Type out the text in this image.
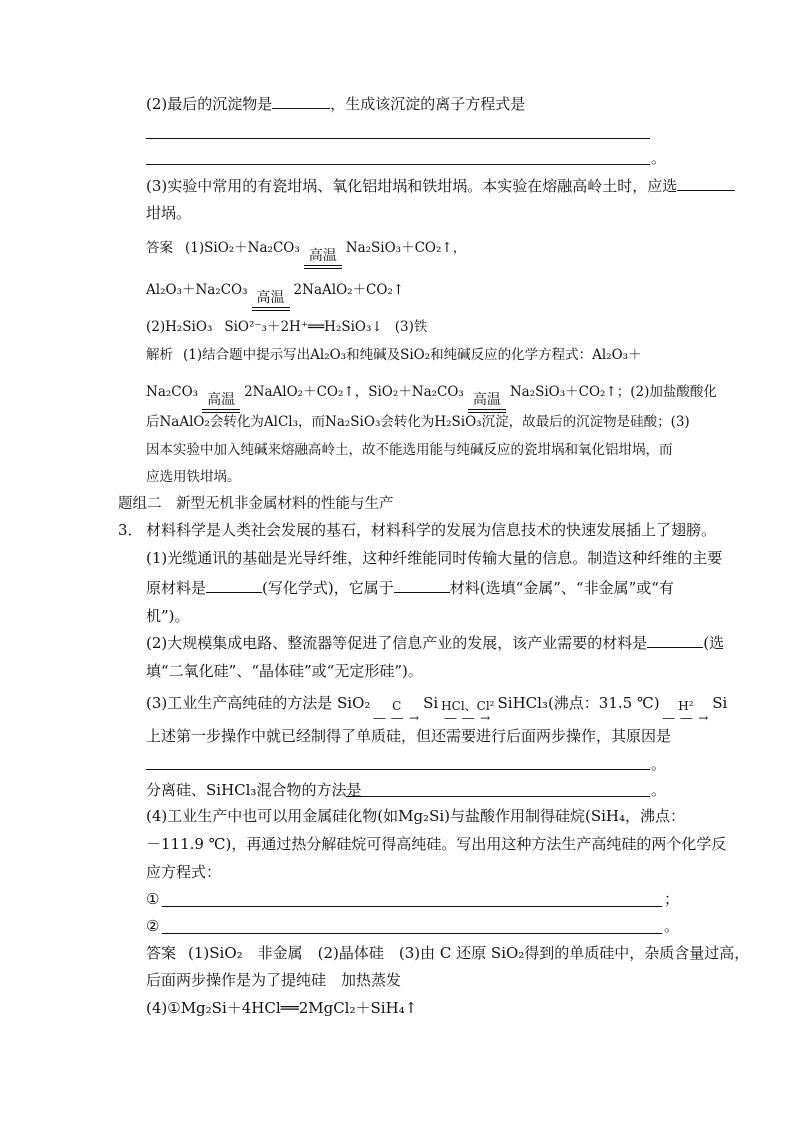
(2)最后的沉淀物是	，生成该沉淀的离子方程式是
。
(3)实验中常用的有瓷坩埚、氧化铝坩埚和铁坩埚。本实验在熔融高岭土时，应选
坩埚。
答案 (1)SiO₂＋Na₂CO₃ 高温 Na₂SiO₃＋CO₂↑，
Al₂O₃＋Na₂CO₃ 高温 2NaAlO₂＋CO₂↑
(2)H₂SiO₃ SiO²⁻₃＋2H⁺══H₂SiO₃↓ (3)铁
解析 (1)结合题中提示写出Al₂O₃和纯碱及SiO₂和纯碱反应的化学方程式：Al₂O₃＋
Na₂CO₃ 高温 2NaAlO₂＋CO₂↑，SiO₂＋Na₂CO₃ 高温 Na₂SiO₃＋CO₂↑；(2)加盐酸酸化
后NaAlO₂会转化为AlCl₃，而Na₂SiO₃会转化为H₂SiO₃沉淀，故最后的沉淀物是硅酸；(3)
因本实验中加入纯碱来熔融高岭土，故不能选用能与纯碱反应的瓷坩埚和氧化铝坩埚，而
应选用铁坩埚。
题组二　新型无机非金属材料的性能与生产
3． 材料科学是人类社会发展的基石，材料科学的发展为信息技术的快速发展插上了翅膀。
(1)光缆通讯的基础是光导纤维，这种纤维能同时传输大量的信息。制造这种纤维的主要
原材料是	(写化学式)，它属于	材料(选填“金属”、“非金属”或“有
机”)。
(2)大规模集成电路、整流器等促进了信息产业的发展，该产业需要的材料是	(选
填“二氧化硅”、“晶体硅”或“无定形硅”)。
(3)工业生产高纯硅的方法是 SiO₂ C
― ― →
Si HCl、Cl²
― ― →
SiHCl₃(沸点：31.5 ℃) H²
― ― →
Si
上述第一步操作中就已经制得了单质硅，但还需要进行后面两步操作，其原因是
。
分离硅、SiHCl₃混合物的方法是	。
(4)工业生产中也可以用金属硅化物(如Mg₂Si)与盐酸作用制得硅烷(SiH₄，沸点：
－111.9 ℃)，再通过热分解硅烷可得高纯硅。写出用这种方法生产高纯硅的两个化学反
应方程式：
①	；
②	。
答案 (1)SiO₂　非金属　(2)晶体硅　(3)由 C 还原 SiO₂得到的单质硅中，杂质含量过高，
后面两步操作是为了提纯硅　加热蒸发
(4)①Mg₂Si＋4HCl══2MgCl₂＋SiH₄↑
